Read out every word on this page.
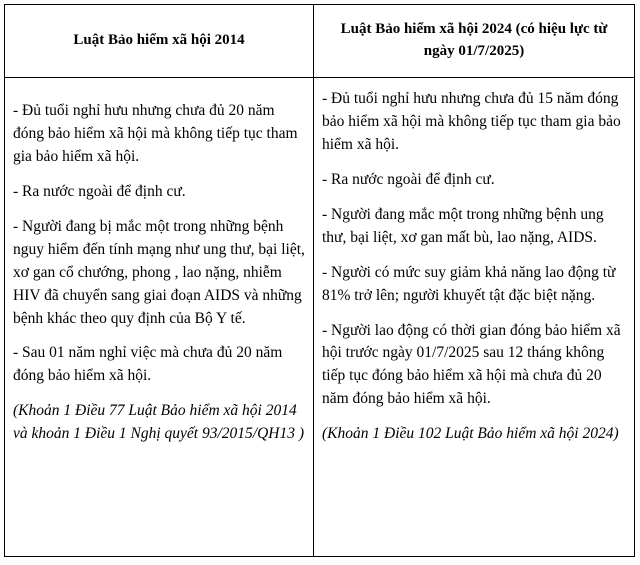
Luật Bảo hiểm xã hội 2014
Luật Bảo hiểm xã hội 2024 (có hiệu lực từ ngày 01/7/2025)

- Đủ tuổi nghỉ hưu nhưng chưa đủ 20 năm đóng bảo hiểm xã hội mà không tiếp tục tham gia bảo hiểm xã hội.

- Ra nước ngoài để định cư.

- Người đang bị mắc một trong những bệnh nguy hiểm đến tính mạng như ung thư, bại liệt, xơ gan cổ chướng, phong , lao nặng, nhiễm HIV đã chuyển sang giai đoạn AIDS và những bệnh khác theo quy định của Bộ Y tế.

- Sau 01 năm nghỉ việc mà chưa đủ 20 năm đóng bảo hiểm xã hội.

(Khoản 1 Điều 77 Luật Bảo hiểm xã hội 2014 và khoản 1 Điều 1 Nghị quyết 93/2015/QH13 )

- Đủ tuổi nghỉ hưu nhưng chưa đủ 15 năm đóng bảo hiểm xã hội mà không tiếp tục tham gia bảo hiểm xã hội.

- Ra nước ngoài để định cư.

- Người đang mắc một trong những bệnh ung thư, bại liệt, xơ gan mất bù, lao nặng, AIDS.

- Người có mức suy giảm khả năng lao động từ 81% trở lên; người khuyết tật đặc biệt nặng.

- Người lao động có thời gian đóng bảo hiểm xã hội trước ngày 01/7/2025 sau 12 tháng không tiếp tục đóng bảo hiểm xã hội mà chưa đủ 20 năm đóng bảo hiểm xã hội.

(Khoản 1 Điều 102 Luật Bảo hiểm xã hội 2024)
